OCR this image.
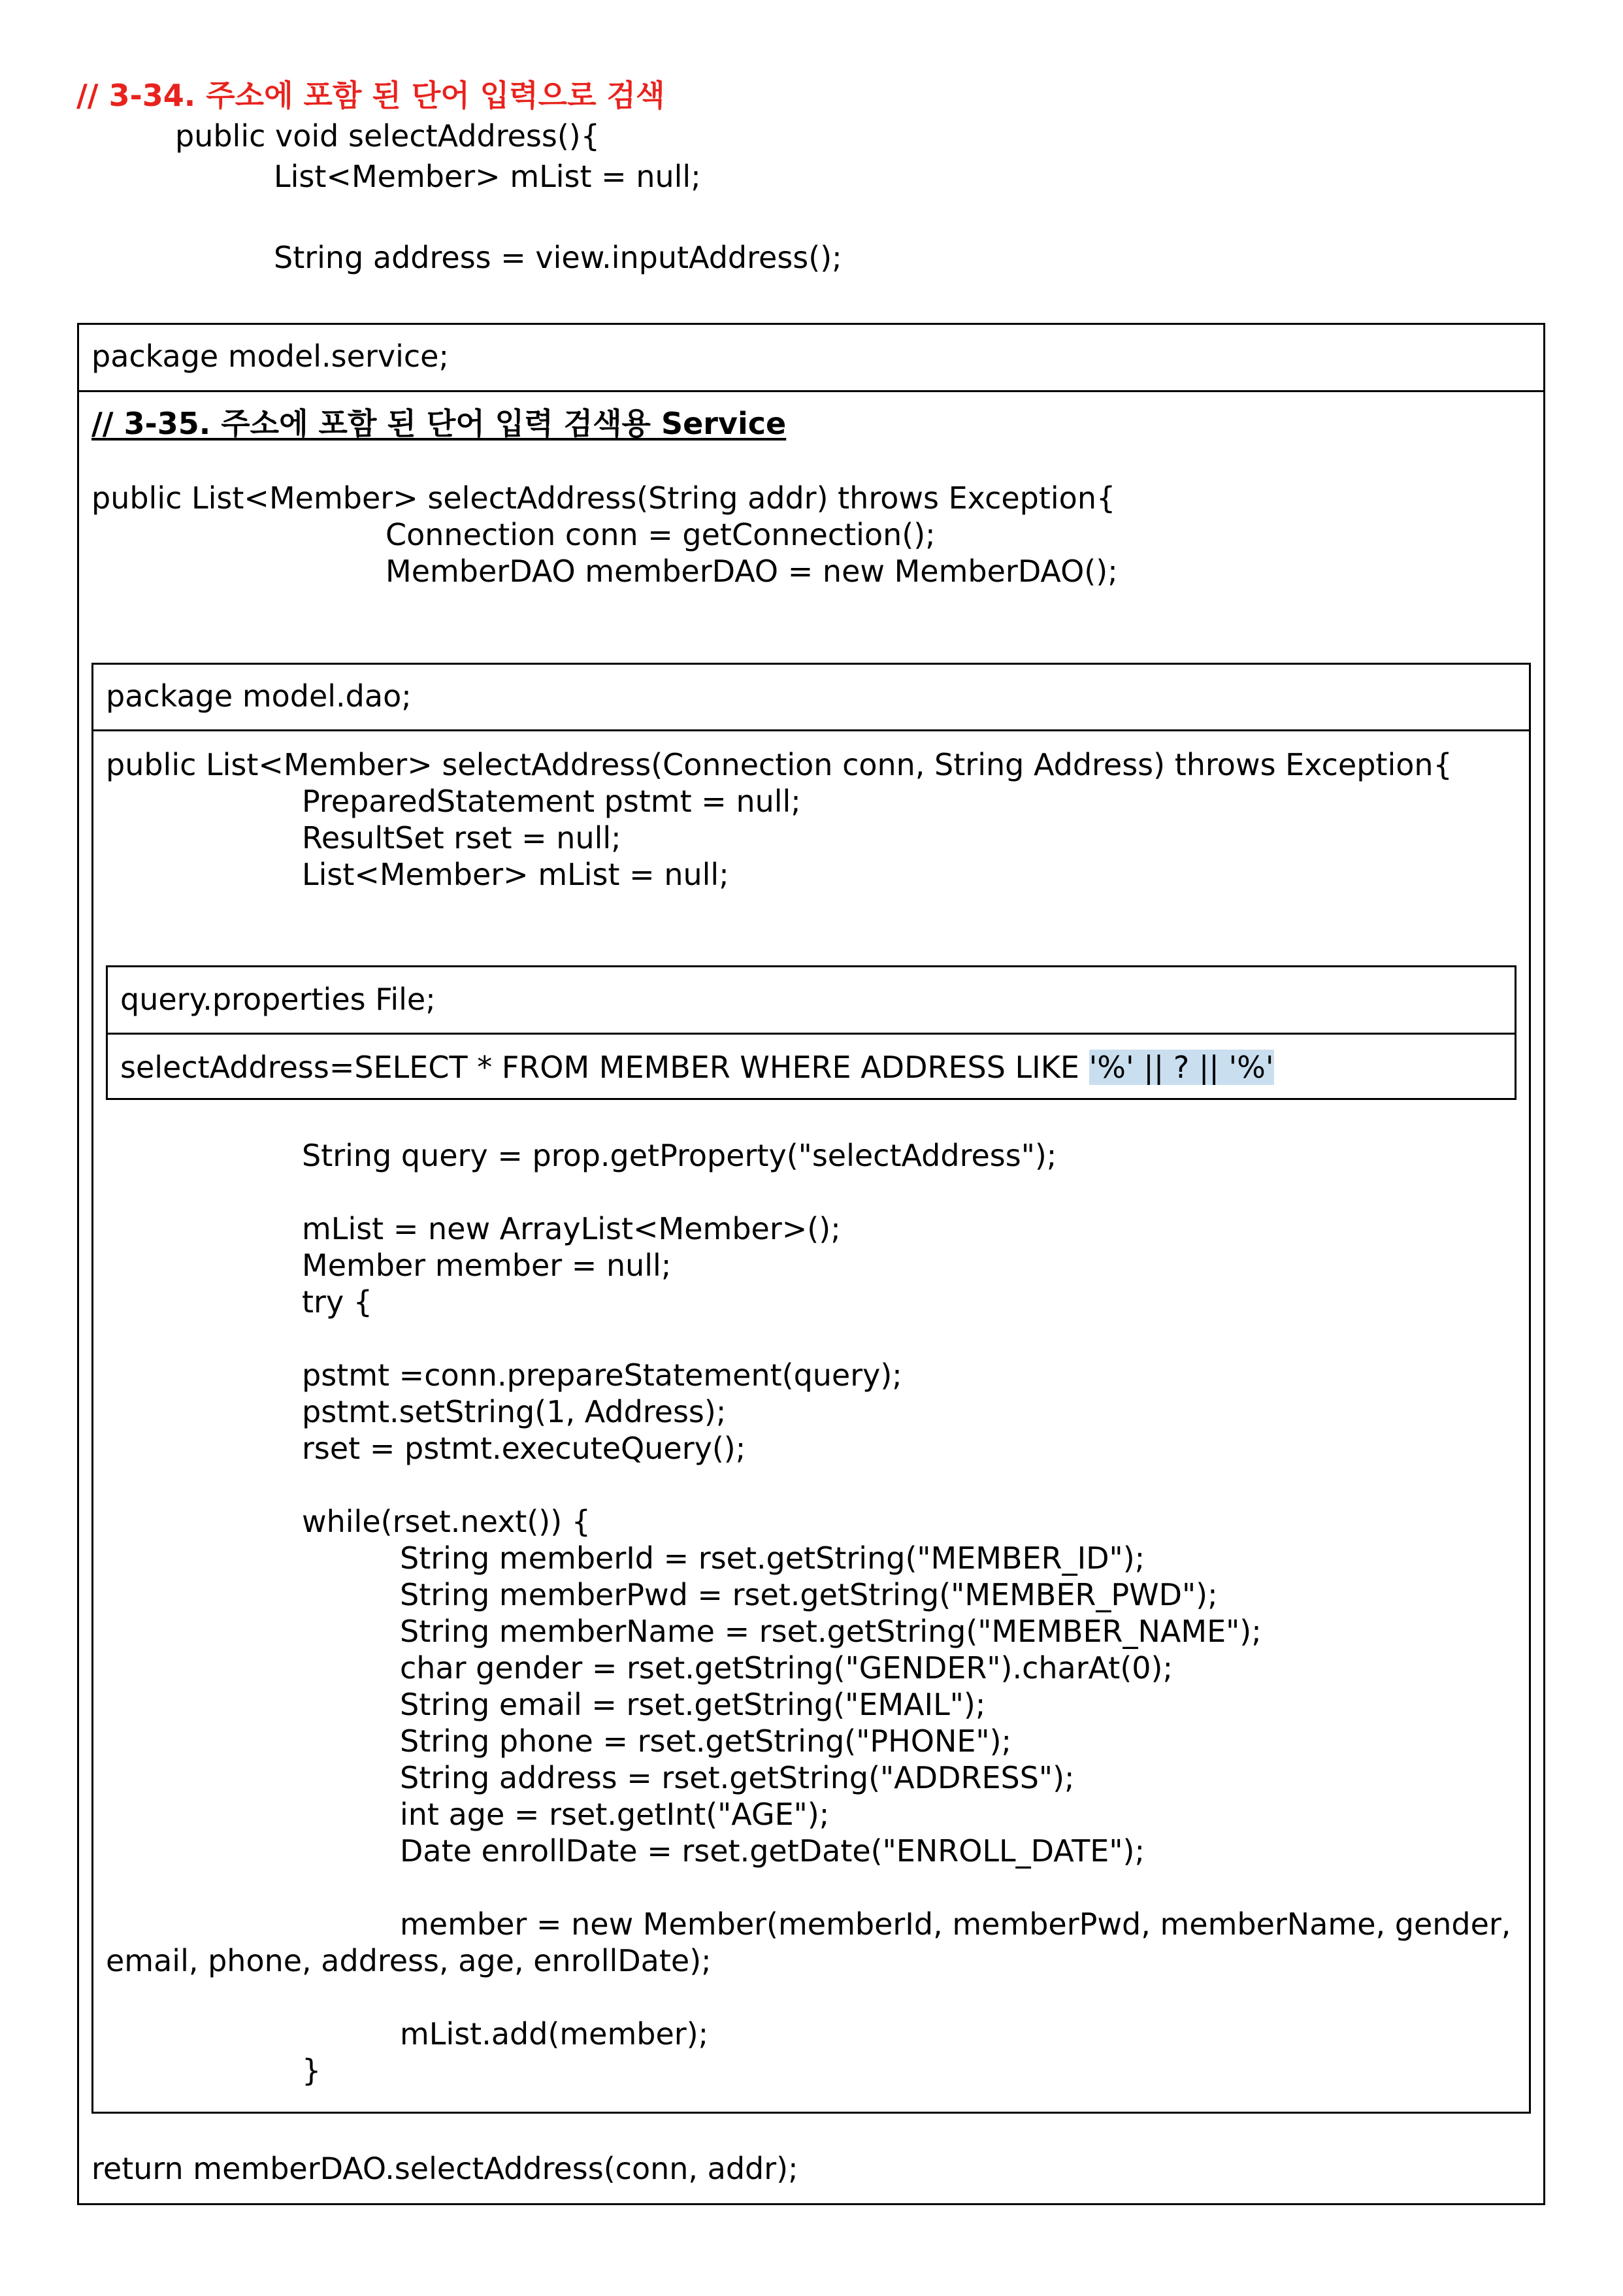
// 3-34. 주소에 포함 된 단어 입력으로 검색
public void selectAddress(){
List<Member> mList = null;
String address = view.inputAddress();
package model.service;
// 3-35. 주소에 포함 된 단어 입력 검색용 Service
public List<Member> selectAddress(String addr) throws Exception{
Connection conn = getConnection();
MemberDAO memberDAO = new MemberDAO();
package model.dao;
public List<Member> selectAddress(Connection conn, String Address) throws Exception{
PreparedStatement pstmt = null;
ResultSet rset = null;
List<Member> mList = null;
query.properties File;
selectAddress=SELECT * FROM MEMBER WHERE ADDRESS LIKE '%' || ? || '%'
String query = prop.getProperty("selectAddress");
mList = new ArrayList<Member>();
Member member = null;
try {
pstmt =conn.prepareStatement(query);
pstmt.setString(1, Address);
rset = pstmt.executeQuery();
while(rset.next()) {
String memberId = rset.getString("MEMBER_ID");
String memberPwd = rset.getString("MEMBER_PWD");
String memberName = rset.getString("MEMBER_NAME");
char gender = rset.getString("GENDER").charAt(0);
String email = rset.getString("EMAIL");
String phone = rset.getString("PHONE");
String address = rset.getString("ADDRESS");
int age = rset.getInt("AGE");
Date enrollDate = rset.getDate("ENROLL_DATE");
member = new Member(memberId, memberPwd, memberName, gender,
email, phone, address, age, enrollDate);
mList.add(member);
}
return memberDAO.selectAddress(conn, addr);
